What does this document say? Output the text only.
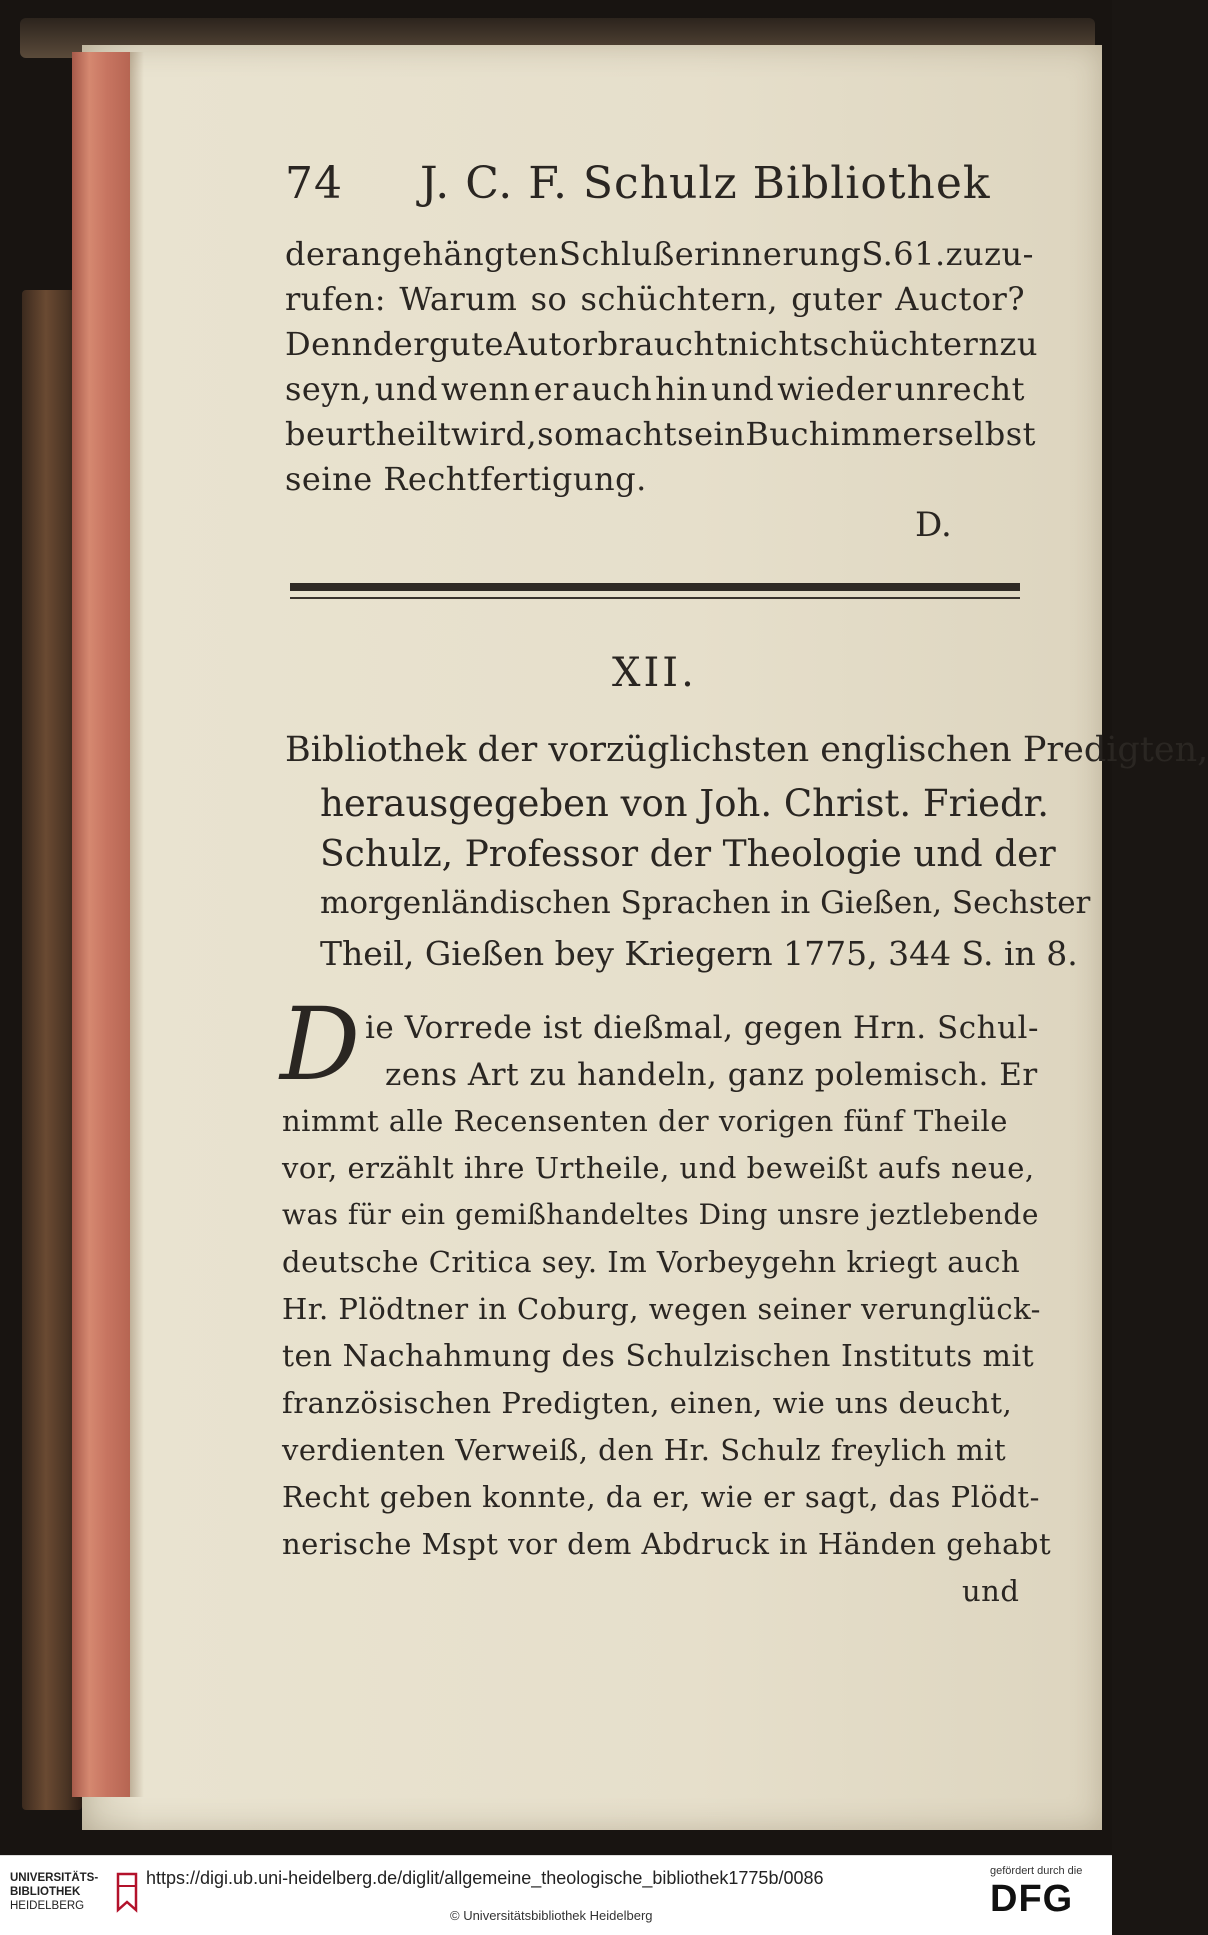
74 J. C. F. Schulz Bibliothek
der angehängten Schlußerinnerung S. 61. zuzu-
rufen: Warum so schüchtern, guter Auctor?
Denn der gute Autor braucht nicht schüchtern zu
seyn, und wenn er auch hin und wieder unrecht
beurtheilt wird, so macht sein Buch immer selbst
seine Rechtfertigung.
D.
XII.
Bibliothek der vorzüglichsten englischen Predigten,
herausgegeben von Joh. Christ. Friedr.
Schulz, Professor der Theologie und der
morgenländischen Sprachen in Gießen, Sechster
Theil, Gießen bey Kriegern 1775, 344 S. in 8.
D ie Vorrede ist dießmal, gegen Hrn. Schul-
zens Art zu handeln, ganz polemisch. Er
nimmt alle Recensenten der vorigen fünf Theile
vor, erzählt ihre Urtheile, und beweißt aufs neue,
was für ein gemißhandeltes Ding unsre jeztlebende
deutsche Critica sey. Im Vorbeygehn kriegt auch
Hr. Plödtner in Coburg, wegen seiner verunglück-
ten Nachahmung des Schulzischen Instituts mit
französischen Predigten, einen, wie uns deucht,
verdienten Verweiß, den Hr. Schulz freylich mit
Recht geben konnte, da er, wie er sagt, das Plödt-
nerische Mspt vor dem Abdruck in Händen gehabt
und
UNIVERSITÄTS-
BIBLIOTHEK
HEIDELBERG
https://digi.ub.uni-heidelberg.de/diglit/allgemeine_theologische_bibliothek1775b/0086
© Universitätsbibliothek Heidelberg
gefördert durch die
DFG
